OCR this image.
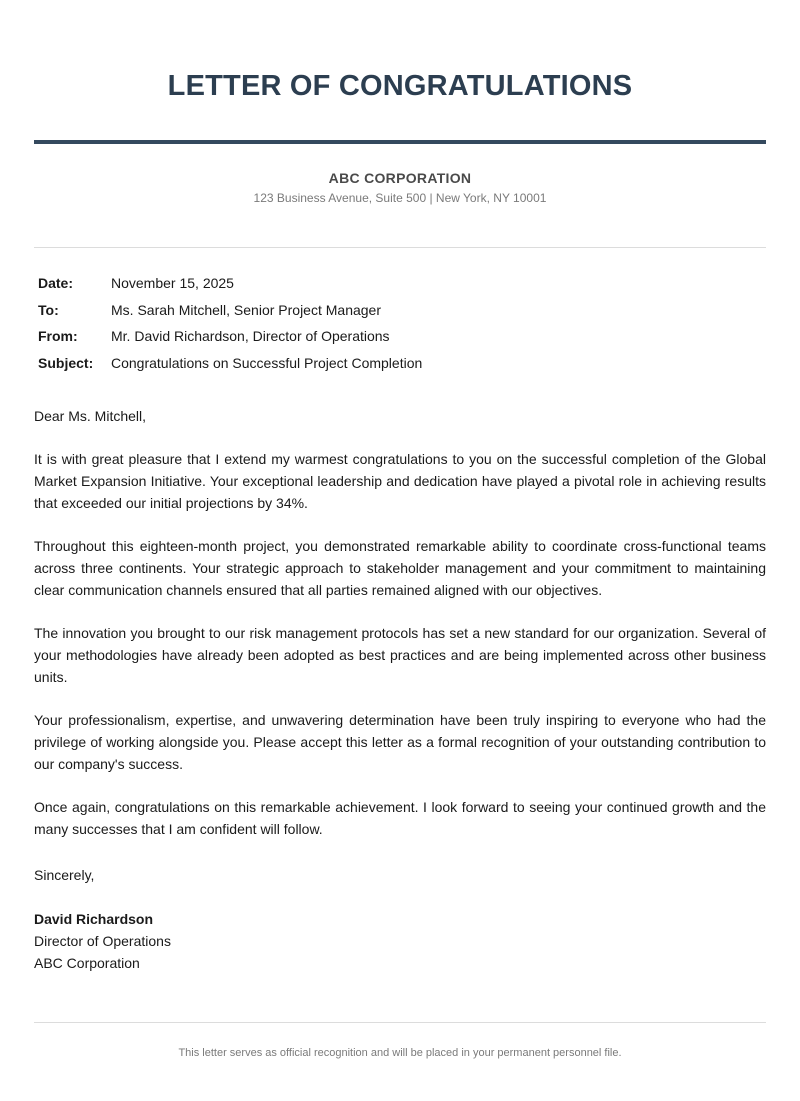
LETTER OF CONGRATULATIONS
ABC CORPORATION
123 Business Avenue, Suite 500 | New York, NY 10001
Date:	November 15, 2025
To:	Ms. Sarah Mitchell, Senior Project Manager
From:	Mr. David Richardson, Director of Operations
Subject:	Congratulations on Successful Project Completion
Dear Ms. Mitchell,

It is with great pleasure that I extend my warmest congratulations to you on the successful completion of the Global Market Expansion Initiative. Your exceptional leadership and dedication have played a pivotal role in achieving results that exceeded our initial projections by 34%.

Throughout this eighteen-month project, you demonstrated remarkable ability to coordinate cross-functional teams across three continents. Your strategic approach to stakeholder management and your commitment to maintaining clear communication channels ensured that all parties remained aligned with our objectives.

The innovation you brought to our risk management protocols has set a new standard for our organization. Several of your methodologies have already been adopted as best practices and are being implemented across other business units.

Your professionalism, expertise, and unwavering determination have been truly inspiring to everyone who had the privilege of working alongside you. Please accept this letter as a formal recognition of your outstanding contribution to our company's success.

Once again, congratulations on this remarkable achievement. I look forward to seeing your continued growth and the many successes that I am confident will follow.

Sincerely,
David Richardson
Director of Operations
ABC Corporation
This letter serves as official recognition and will be placed in your permanent personnel file.
